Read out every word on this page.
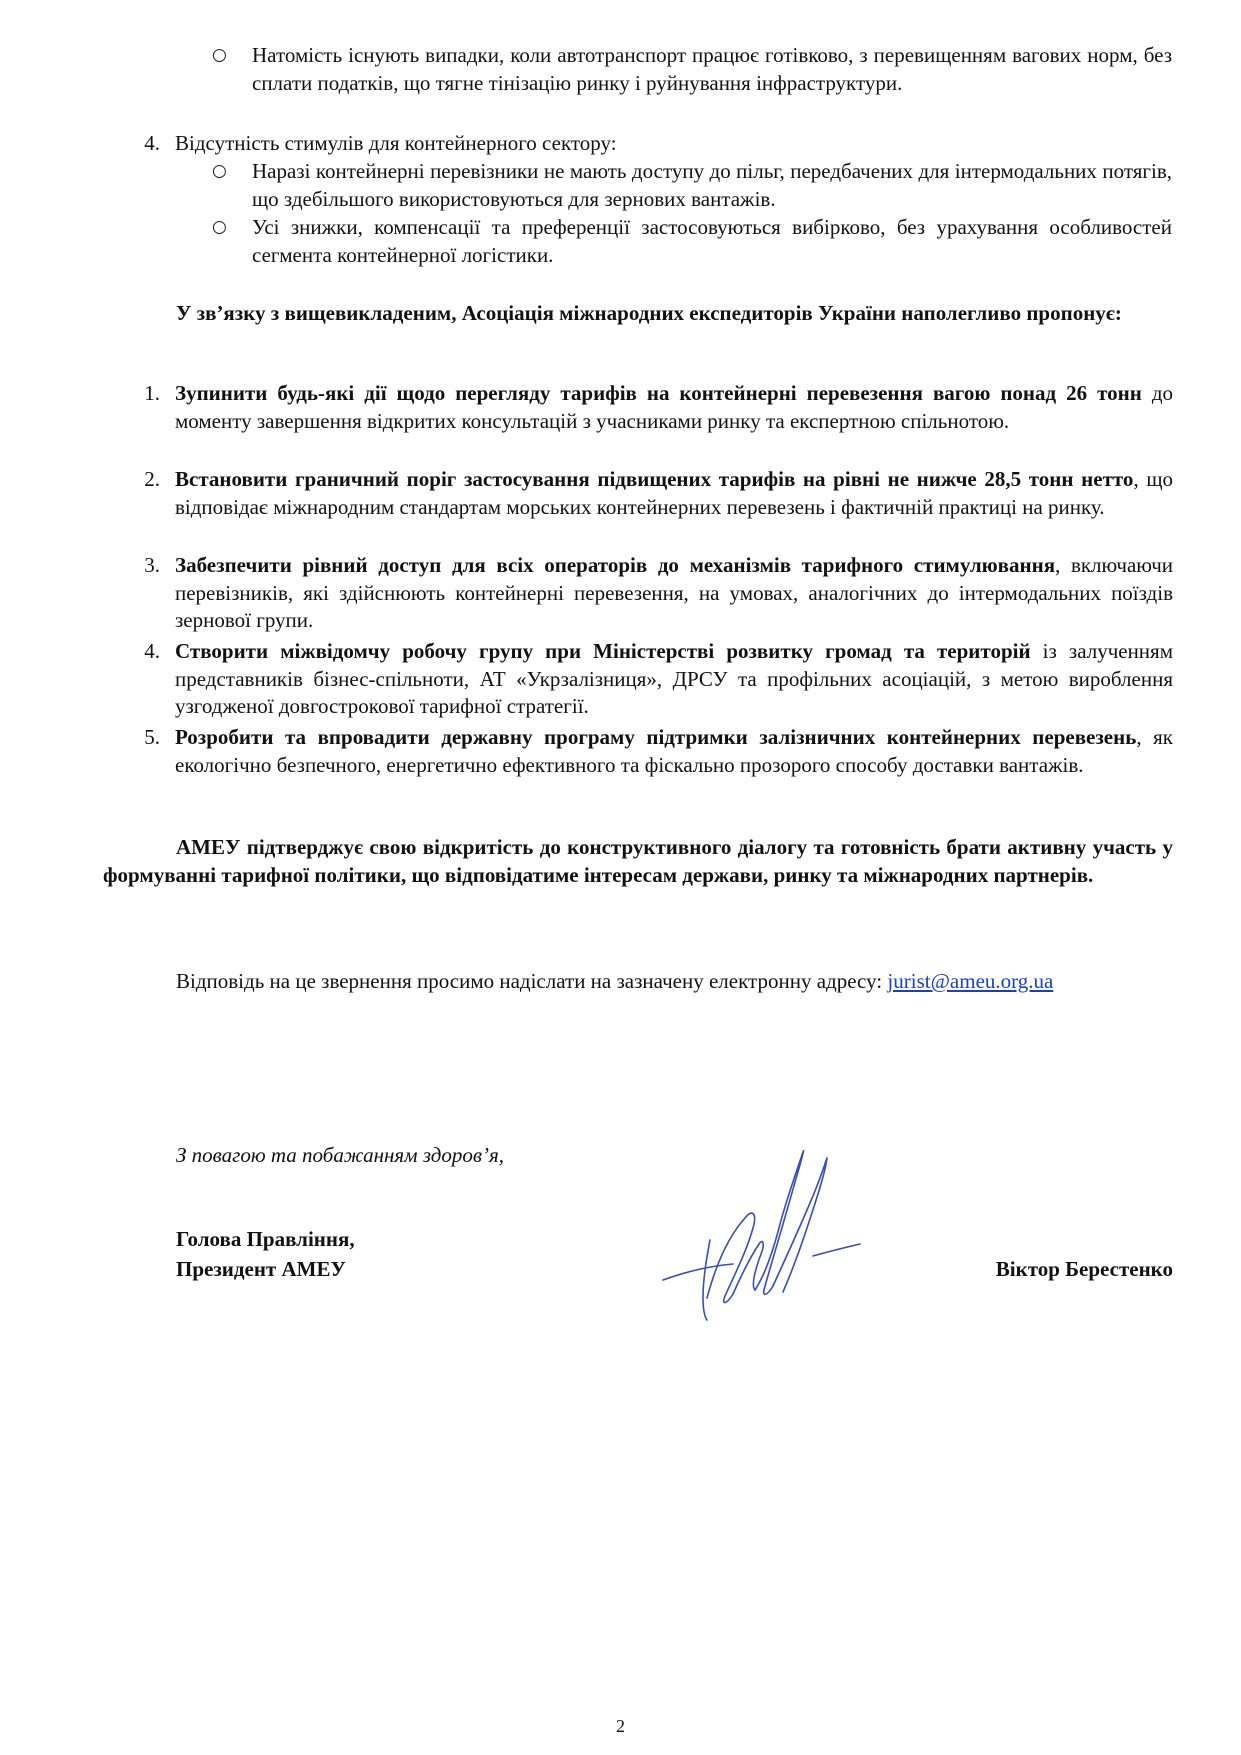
○ Натомість існують випадки, коли автотранспорт працює готівково, з перевищенням вагових норм, без сплати податків, що тягне тінізацію ринку і руйнування інфраструктури.
4. Відсутність стимулів для контейнерного сектору:
○ Наразі контейнерні перевізники не мають доступу до пільг, передбачених для інтермодальних потягів, що здебільшого використовуються для зернових вантажів.
○ Усі знижки, компенсації та преференції застосовуються вибірково, без урахування особливостей сегмента контейнерної логістики.
У зв’язку з вищевикладеним, Асоціація міжнародних експедиторів України наполегливо пропонує:
1. Зупинити будь-які дії щодо перегляду тарифів на контейнерні перевезення вагою понад 26 тонн до моменту завершення відкритих консультацій з учасниками ринку та експертною спільнотою.
2. Встановити граничний поріг застосування підвищених тарифів на рівні не нижче 28,5 тонн нетто, що відповідає міжнародним стандартам морських контейнерних перевезень і фактичній практиці на ринку.
3. Забезпечити рівний доступ для всіх операторів до механізмів тарифного стимулювання, включаючи перевізників, які здійснюють контейнерні перевезення, на умовах, аналогічних до інтермодальних поїздів зернової групи.
4. Створити міжвідомчу робочу групу при Міністерстві розвитку громад та територій із залученням представників бізнес-спільноти, АТ «Укрзалізниця», ДРСУ та профільних асоціацій, з метою вироблення узгодженої довгострокової тарифної стратегії.
5. Розробити та впровадити державну програму підтримки залізничних контейнерних перевезень, як екологічно безпечного, енергетично ефективного та фіскально прозорого способу доставки вантажів.
АМЕУ підтверджує свою відкритість до конструктивного діалогу та готовність брати активну участь у формуванні тарифної політики, що відповідатиме інтересам держави, ринку та міжнародних партнерів.
Відповідь на це звернення просимо надіслати на зазначену електронну адресу: jurist@ameu.org.ua
З повагою та побажанням здоров’я,
Голова Правління,
Президент АМЕУ	Віктор Берестенко
2
